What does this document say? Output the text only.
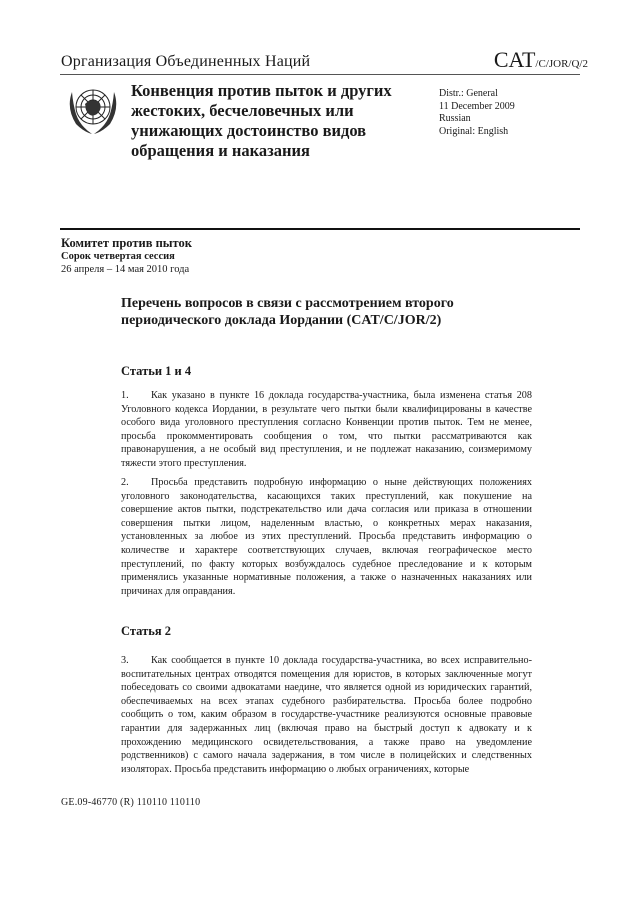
Организация Объединенных Наций	CAT/C/JOR/Q/2
Конвенция против пыток и других жестоких, бесчеловечных или унижающих достоинство видов обращения и наказания
Distr.: General
11 December 2009
Russian
Original: English
Комитет против пыток
Сорок четвертая сессия
26 апреля – 14 мая 2010 года
Перечень вопросов в связи с рассмотрением второго периодического доклада Иордании (CAT/C/JOR/2)
Статьи 1 и 4
1. Как указано в пункте 16 доклада государства-участника, была изменена статья 208 Уголовного кодекса Иордании, в результате чего пытки были квалифицированы в качестве особого вида уголовного преступления согласно Конвенции против пыток. Тем не менее, просьба прокомментировать сообщения о том, что пытки рассматриваются как правонарушения, а не особый вид преступления, и не подлежат наказанию, соизмеримому тяжести этого преступления.
2. Просьба представить подробную информацию о ныне действующих положениях уголовного законодательства, касающихся таких преступлений, как покушение на совершение актов пытки, подстрекательство или дача согласия или приказа в отношении совершения пытки лицом, наделенным властью, о конкретных мерах наказания, установленных за любое из этих преступлений. Просьба представить информацию о количестве и характере соответствующих случаев, включая географическое место преступлений, по факту которых возбуждалось судебное преследование и к которым применялись указанные нормативные положения, а также о назначенных наказаниях или причинах для оправдания.
Статья 2
3. Как сообщается в пункте 10 доклада государства-участника, во всех исправительно-воспитательных центрах отводятся помещения для юристов, в которых заключенные могут побеседовать со своими адвокатами наедине, что является одной из юридических гарантий, обеспечиваемых на всех этапах судебного разбирательства. Просьба более подробно сообщить о том, каким образом в государстве-участнике реализуются основные правовые гарантии для задержанных лиц (включая право на быстрый доступ к адвокату и к прохождению медицинского освидетельствования, а также право на уведомление родственников) с самого начала задержания, в том числе в полицейских и следственных изоляторах. Просьба представить информацию о любых ограничениях, которые
GE.09-46770 (R) 110110 110110
